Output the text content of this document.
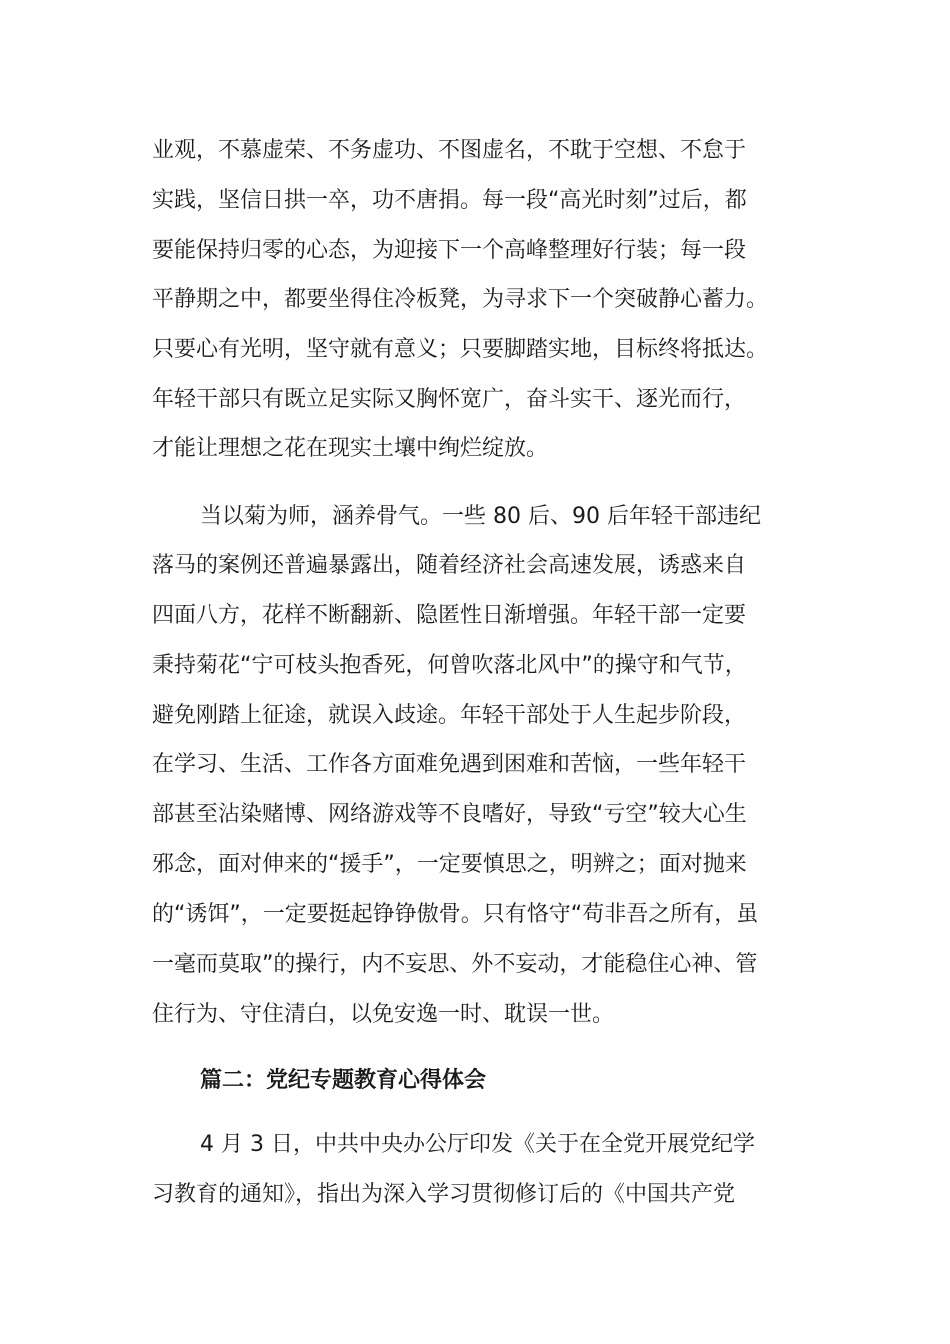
业观，不慕虚荣、不务虚功、不图虚名，不耽于空想、不怠于
实践，坚信日拱一卒，功不唐捐。每一段“高光时刻”过后，都
要能保持归零的心态，为迎接下一个高峰整理好行装；每一段
平静期之中，都要坐得住冷板凳，为寻求下一个突破静心蓄力。
只要心有光明，坚守就有意义；只要脚踏实地，目标终将抵达。
年轻干部只有既立足实际又胸怀宽广，奋斗实干、逐光而行，
才能让理想之花在现实土壤中绚烂绽放。
当以菊为师，涵养骨气。一些 80 后、90 后年轻干部违纪
落马的案例还普遍暴露出，随着经济社会高速发展，诱惑来自
四面八方，花样不断翻新、隐匿性日渐增强。年轻干部一定要
秉持菊花“宁可枝头抱香死，何曾吹落北风中”的操守和气节，
避免刚踏上征途，就误入歧途。年轻干部处于人生起步阶段，
在学习、生活、工作各方面难免遇到困难和苦恼，一些年轻干
部甚至沾染赌博、网络游戏等不良嗜好，导致“亏空”较大心生
邪念，面对伸来的“援手”，一定要慎思之，明辨之；面对抛来
的“诱饵”，一定要挺起铮铮傲骨。只有恪守“苟非吾之所有，虽
一毫而莫取”的操行，内不妄思、外不妄动，才能稳住心神、管
住行为、守住清白，以免安逸一时、耽误一世。
篇二：党纪专题教育心得体会
4 月 3 日，中共中央办公厅印发《关于在全党开展党纪学
习教育的通知》，指出为深入学习贯彻修订后的《中国共产党
